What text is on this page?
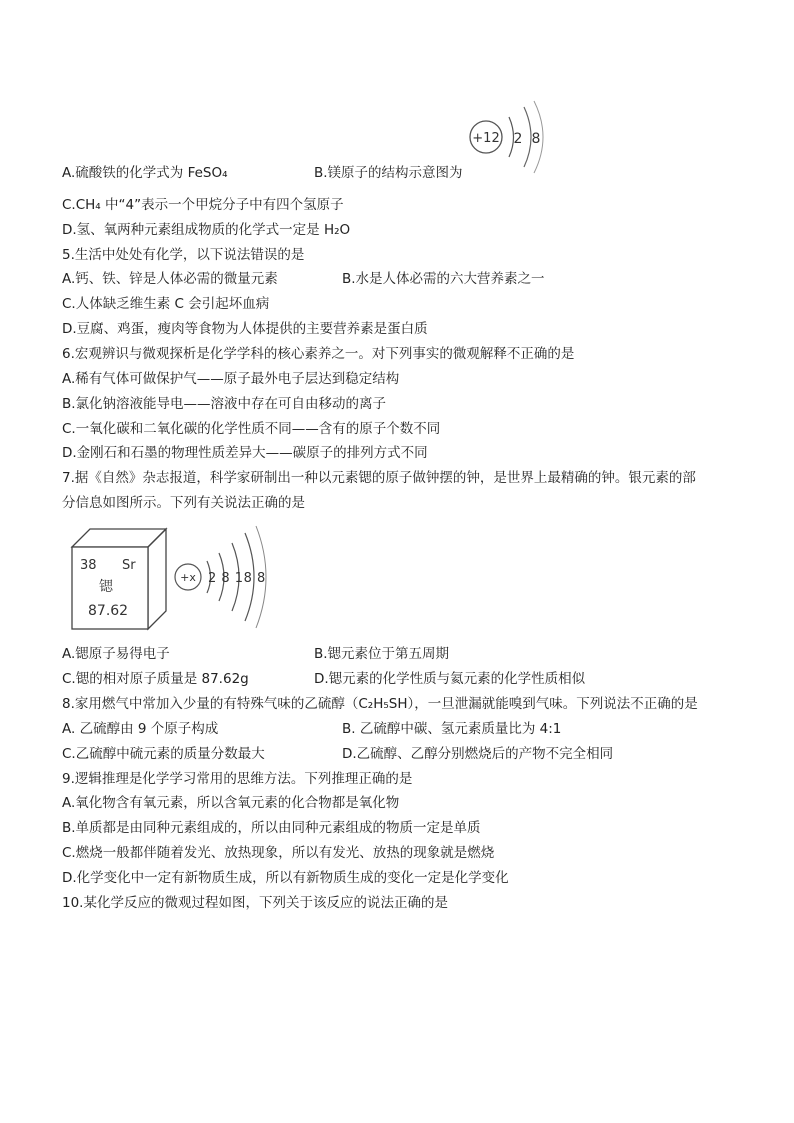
+12 2 8
A.硫酸铁的化学式为 FeSO₄	B.镁原子的结构示意图为
C.CH₄ 中“4”表示一个甲烷分子中有四个氢原子
D.氢、氧两种元素组成物质的化学式一定是 H₂O
5.生活中处处有化学，以下说法错误的是
A.钙、铁、锌是人体必需的微量元素	B.水是人体必需的六大营养素之一
C.人体缺乏维生素 C 会引起坏血病
D.豆腐、鸡蛋，瘦肉等食物为人体提供的主要营养素是蛋白质
6.宏观辨识与微观探析是化学学科的核心素养之一。对下列事实的微观解释不正确的是
A.稀有气体可做保护气——原子最外电子层达到稳定结构
B.氯化钠溶液能导电——溶液中存在可自由移动的离子
C.一氧化碳和二氧化碳的化学性质不同——含有的原子个数不同
D.金刚石和石墨的物理性质差异大——碳原子的排列方式不同
7.据《自然》杂志报道，科学家研制出一种以元素锶的原子做钟摆的钟，是世界上最精确的钟。银元素的部
分信息如图所示。下列有关说法正确的是
38 Sr
锶
87.62
+x 2 8 18 8
A.锶原子易得电子	B.锶元素位于第五周期
C.锶的相对原子质量是 87.62g	D.锶元素的化学性质与氦元素的化学性质相似
8.家用燃气中常加入少量的有特殊气味的乙硫醇（C₂H₅SH），一旦泄漏就能嗅到气味。下列说法不正确的是
A. 乙硫醇由 9 个原子构成	B. 乙硫醇中碳、氢元素质量比为 4:1
C.乙硫醇中硫元素的质量分数最大	D.乙硫醇、乙醇分别燃烧后的产物不完全相同
9.逻辑推理是化学学习常用的思维方法。下列推理正确的是
A.氧化物含有氧元素，所以含氧元素的化合物都是氧化物
B.单质都是由同种元素组成的，所以由同种元素组成的物质一定是单质
C.燃烧一般都伴随着发光、放热现象，所以有发光、放热的现象就是燃烧
D.化学变化中一定有新物质生成，所以有新物质生成的变化一定是化学变化
10.某化学反应的微观过程如图，下列关于该反应的说法正确的是
